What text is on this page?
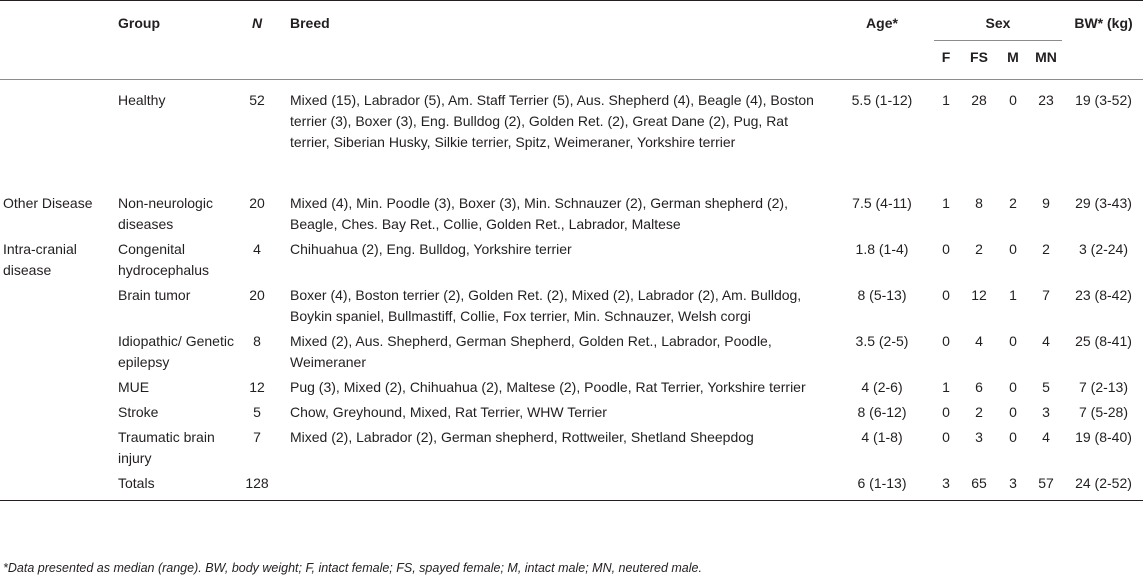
	Group	N	Breed	Age*	Sex				BW* (kg)
					F	FS	M	MN	

	Healthy	52	Mixed (15), Labrador (5), Am. Staff Terrier (5), Aus. Shepherd (4), Beagle (4), Boston terrier (3), Boxer (3), Eng. Bulldog (2), Golden Ret. (2), Great Dane (2), Pug, Rat terrier, Siberian Husky, Silkie terrier, Spitz, Weimeraner, Yorkshire terrier	5.5 (1-12)	1	28	0	23	19 (3-52)
Other Disease	Non-neurologic diseases	20	Mixed (4), Min. Poodle (3), Boxer (3), Min. Schnauzer (2), German shepherd (2), Beagle, Ches. Bay Ret., Collie, Golden Ret., Labrador, Maltese	7.5 (4-11)	1	8	2	9	29 (3-43)
Intra-cranial disease	Congenital hydrocephalus	4	Chihuahua (2), Eng. Bulldog, Yorkshire terrier	1.8 (1-4)	0	2	0	2	3 (2-24)
	Brain tumor	20	Boxer (4), Boston terrier (2), Golden Ret. (2), Mixed (2), Labrador (2), Am. Bulldog, Boykin spaniel, Bullmastiff, Collie, Fox terrier, Min. Schnauzer, Welsh corgi	8 (5-13)	0	12	1	7	23 (8-42)
	Idiopathic/ Genetic epilepsy	8	Mixed (2), Aus. Shepherd, German Shepherd, Golden Ret., Labrador, Poodle, Weimeraner	3.5 (2-5)	0	4	0	4	25 (8-41)
	MUE	12	Pug (3), Mixed (2), Chihuahua (2), Maltese (2), Poodle, Rat Terrier, Yorkshire terrier	4 (2-6)	1	6	0	5	7 (2-13)
	Stroke	5	Chow, Greyhound, Mixed, Rat Terrier, WHW Terrier	8 (6-12)	0	2	0	3	7 (5-28)
	Traumatic brain injury	7	Mixed (2), Labrador (2), German shepherd, Rottweiler, Shetland Sheepdog	4 (1-8)	0	3	0	4	19 (8-40)
	Totals	128		6 (1-13)	3	65	3	57	24 (2-52)
*Data presented as median (range). BW, body weight; F, intact female; FS, spayed female; M, intact male; MN, neutered male.
